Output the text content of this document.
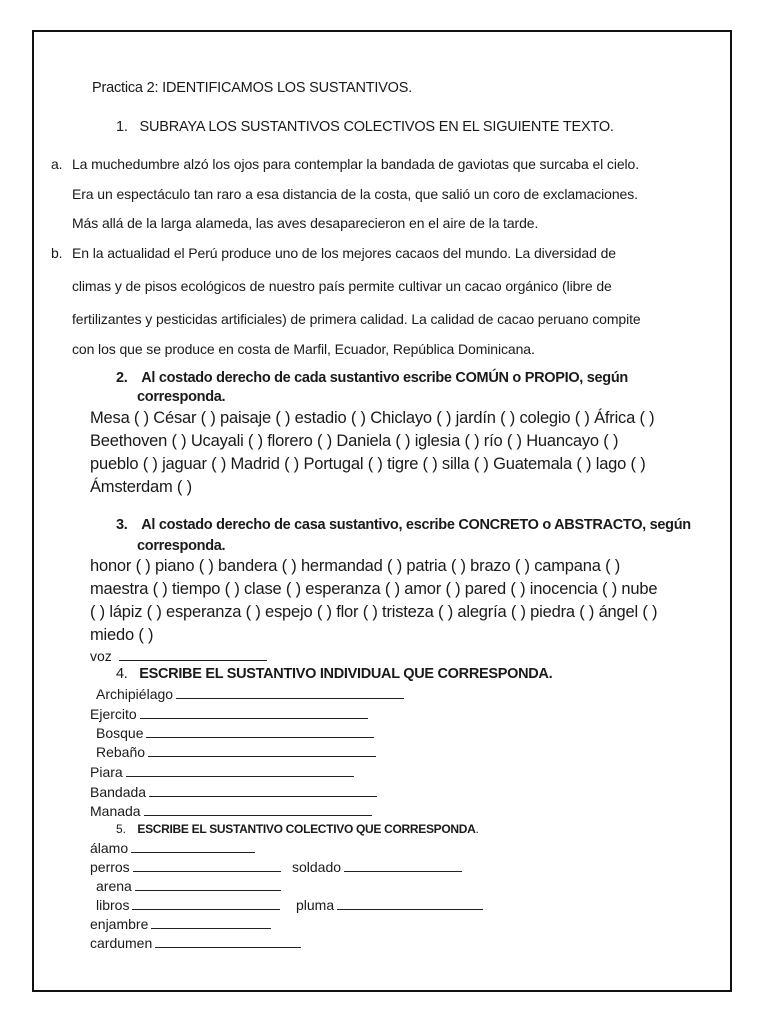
Practica 2: IDENTIFICAMOS LOS SUSTANTIVOS.
1. SUBRAYA LOS SUSTANTIVOS COLECTIVOS EN EL SIGUIENTE TEXTO.
a. La muchedumbre alzó los ojos para contemplar la bandada de gaviotas que surcaba el cielo.
Era un espectáculo tan raro a esa distancia de la costa, que salió un coro de exclamaciones.
Más allá de la larga alameda, las aves desaparecieron en el aire de la tarde.
b. En la actualidad el Perú produce uno de los mejores cacaos del mundo. La diversidad de
climas y de pisos ecológicos de nuestro país permite cultivar un cacao orgánico (libre de
fertilizantes y pesticidas artificiales) de primera calidad. La calidad de cacao peruano compite
con los que se produce en costa de Marfil, Ecuador, República Dominicana.
2. Al costado derecho de cada sustantivo escribe COMÚN o PROPIO, según
corresponda.
Mesa ( ) César ( ) paisaje ( ) estadio ( ) Chiclayo ( ) jardín ( ) colegio ( ) África ( )
Beethoven ( ) Ucayali ( ) florero ( ) Daniela ( ) iglesia ( ) río ( ) Huancayo ( )
pueblo ( ) jaguar ( ) Madrid ( ) Portugal ( ) tigre ( ) silla ( ) Guatemala ( ) lago ( )
Ámsterdam ( )
3. Al costado derecho de casa sustantivo, escribe CONCRETO o ABSTRACTO, según
corresponda.
honor ( ) piano ( ) bandera ( ) hermandad ( ) patria ( ) brazo ( ) campana ( )
maestra ( ) tiempo ( ) clase ( ) esperanza ( ) amor ( ) pared ( ) inocencia ( ) nube
( ) lápiz ( ) esperanza ( ) espejo ( ) flor ( ) tristeza ( ) alegría ( ) piedra ( ) ángel ( )
miedo ( )
voz
4. ESCRIBE EL SUSTANTIVO INDIVIDUAL QUE CORRESPONDA.
Archipiélago
Ejercito
Bosque
Rebaño
Piara
Bandada
Manada
5. ESCRIBE EL SUSTANTIVO COLECTIVO QUE CORRESPONDA.
álamo
perros	soldado
arena
libros	pluma
enjambre
cardumen
